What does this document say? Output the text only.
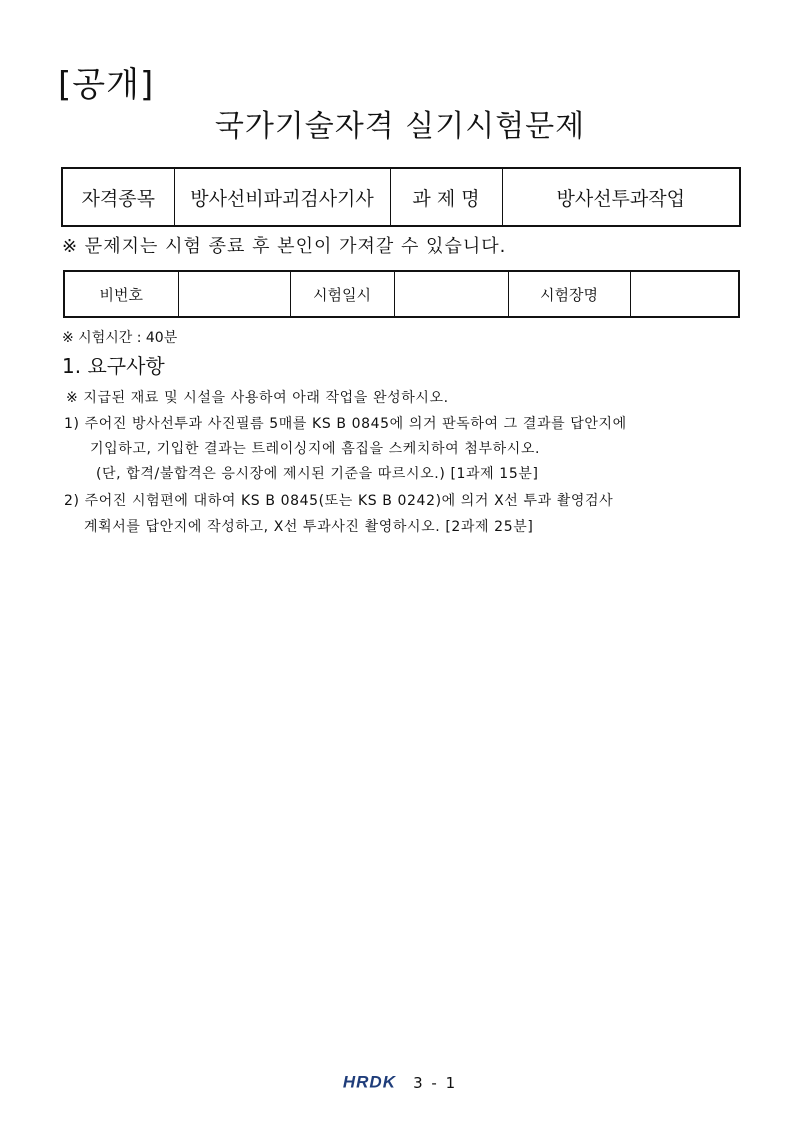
[공개]
국가기술자격 실기시험문제
자격종목	방사선비파괴검사기사	과 제 명	방사선투과작업
※ 문제지는 시험 종료 후 본인이 가져갈 수 있습니다.
비번호		시험일시		시험장명	
※ 시험시간 : 40분
1. 요구사항
※ 지급된 재료 및 시설을 사용하여 아래 작업을 완성하시오.
1) 주어진 방사선투과 사진필름 5매를 KS B 0845에 의거 판독하여 그 결과를 답안지에
기입하고, 기입한 결과는 트레이싱지에 흠집을 스케치하여 첨부하시오.
(단, 합격/불합격은 응시장에 제시된 기준을 따르시오.) [1과제 15분]
2) 주어진 시험편에 대하여 KS B 0845(또는 KS B 0242)에 의거 X선 투과 촬영검사
계획서를 답안지에 작성하고, X선 투과사진 촬영하시오. [2과제 25분]
HRDK 3 - 1
